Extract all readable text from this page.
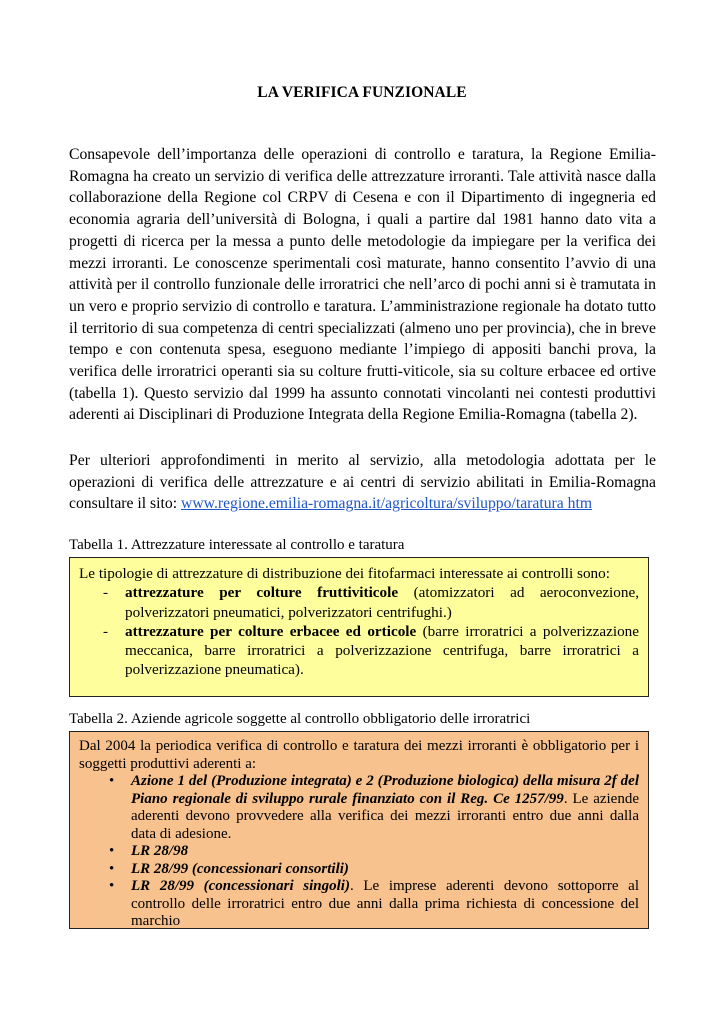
LA VERIFICA FUNZIONALE
Consapevole dell’importanza delle operazioni di controllo e taratura, la Regione Emilia-Romagna ha creato un servizio di verifica delle attrezzature irroranti. Tale attività nasce dalla collaborazione della Regione col CRPV di Cesena e con il Dipartimento di ingegneria ed economia agraria dell’università di Bologna, i quali a partire dal 1981 hanno dato vita a progetti di ricerca per la messa a punto delle metodologie da impiegare per la verifica dei mezzi irroranti. Le conoscenze sperimentali così maturate, hanno consentito l’avvio di una attività per il controllo funzionale delle irroratrici che nell’arco di pochi anni si è tramutata in un vero e proprio servizio di controllo e taratura. L’amministrazione regionale ha dotato tutto il territorio di sua competenza di centri specializzati (almeno uno per provincia), che in breve tempo e con contenuta spesa, eseguono mediante l’impiego di appositi banchi prova, la verifica delle irroratrici operanti sia su colture frutti-viticole, sia su colture erbacee ed ortive (tabella 1). Questo servizio dal 1999 ha assunto connotati vincolanti nei contesti produttivi aderenti ai Disciplinari di Produzione Integrata della Regione Emilia-Romagna (tabella 2).
Per ulteriori approfondimenti in merito al servizio, alla metodologia adottata per le operazioni di verifica delle attrezzature e ai centri di servizio abilitati in Emilia-Romagna consultare il sito: www.regione.emilia-romagna.it/agricoltura/sviluppo/taratura htm
Tabella 1. Attrezzature interessate al controllo e taratura
Le tipologie di attrezzature di distribuzione dei fitofarmaci interessate ai controlli sono:
-	attrezzature per colture fruttiviticole (atomizzatori ad aeroconvezione, polverizzatori pneumatici, polverizzatori centrifughi.)
-	attrezzature per colture erbacee ed orticole (barre irroratrici a polverizzazione meccanica, barre irroratrici a polverizzazione centrifuga, barre irroratrici a polverizzazione pneumatica).
Tabella 2. Aziende agricole soggette al controllo obbligatorio delle irroratrici
Dal 2004 la periodica verifica di controllo e taratura dei mezzi irroranti è obbligatorio per i soggetti produttivi aderenti a:
•	Azione 1 del (Produzione integrata) e 2 (Produzione biologica) della misura 2f del Piano regionale di sviluppo rurale finanziato con il Reg. Ce 1257/99. Le aziende aderenti devono provvedere alla verifica dei mezzi irroranti entro due anni dalla data di adesione.
•	LR 28/98
•	LR 28/99 (concessionari consortili)
•	LR 28/99 (concessionari singoli). Le imprese aderenti devono sottoporre al controllo delle irroratrici entro due anni dalla prima richiesta di concessione del marchio
